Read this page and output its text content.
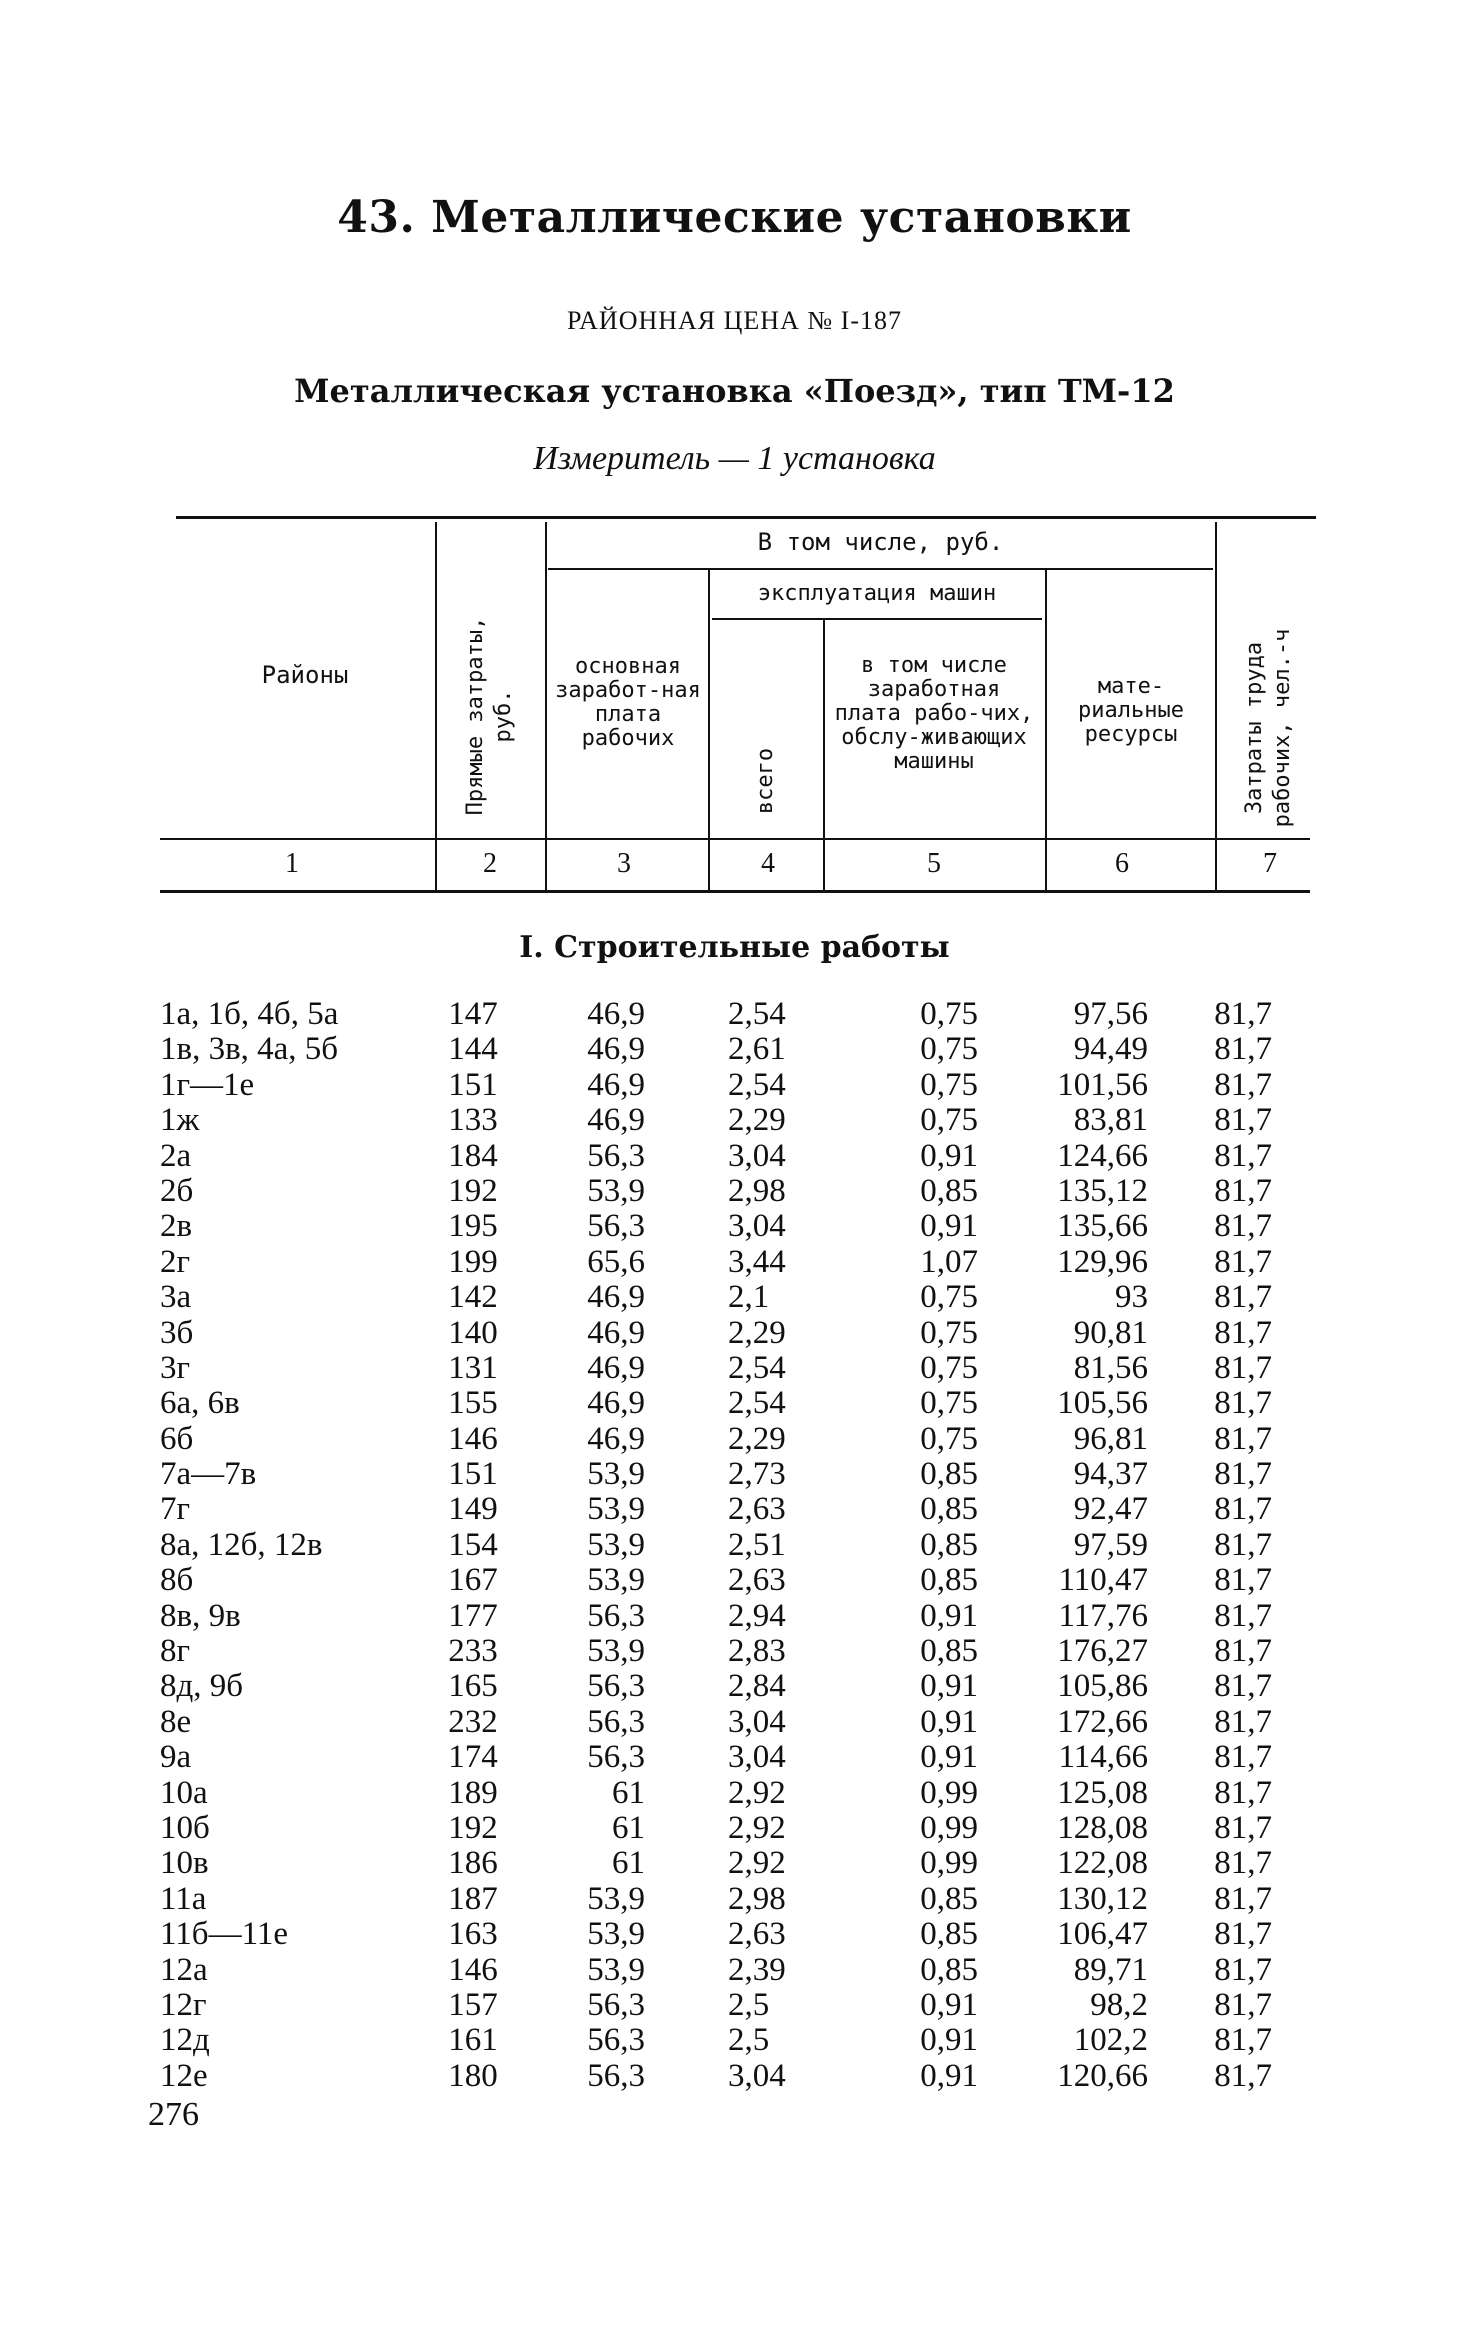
43. Металлические установки
РАЙОННАЯ ЦЕНА № I-187
Металлическая установка «Поезд», тип ТМ-12
Измеритель — 1 установка
Районы	Прямые затраты, руб.
В том числе, руб.
основная заработ-ная плата рабочих
эксплуатация машин
всего
в том числе заработная плата рабо-чих, обслу-живающих машины
мате-риальные ресурсы	Затраты труда рабочих, чел.-ч
1	2	3	4	5	6	7
I. Строительные работы
1а, 1б, 4б, 5а	147	46,9	2,54	0,75	97,56 81,7
1в, 3в, 4а, 5б	144	46,9	2,61	0,75	94,49 81,7
1г—1е	151	46,9	2,54	0,75	101,56 81,7
1ж	133	46,9	2,29	0,75	83,81 81,7
2а	184	56,3	3,04	0,91	124,66 81,7
2б	192	53,9	2,98	0,85	135,12 81,7
2в	195	56,3	3,04	0,91	135,66 81,7
2г	199	65,6	3,44	1,07	129,96 81,7
3а	142	46,9	2,1	0,75	93 81,7
3б	140	46,9	2,29	0,75	90,81 81,7
3г	131	46,9	2,54	0,75	81,56 81,7
6а, 6в	155	46,9	2,54	0,75	105,56 81,7
6б	146	46,9	2,29	0,75	96,81 81,7
7а—7в	151	53,9	2,73	0,85	94,37 81,7
7г	149	53,9	2,63	0,85	92,47 81,7
8а, 12б, 12в	154	53,9	2,51	0,85	97,59 81,7
8б	167	53,9	2,63	0,85	110,47 81,7
8в, 9в	177	56,3	2,94	0,91	117,76 81,7
8г	233	53,9	2,83	0,85	176,27 81,7
8д, 9б	165	56,3	2,84	0,91	105,86 81,7
8е	232	56,3	3,04	0,91	172,66 81,7
9а	174	56,3	3,04	0,91	114,66 81,7
10а	189	61	2,92	0,99	125,08 81,7
10б	192	61	2,92	0,99	128,08 81,7
10в	186	61	2,92	0,99	122,08 81,7
11а	187	53,9	2,98	0,85	130,12 81,7
11б—11е	163	53,9	2,63	0,85	106,47 81,7
12а	146	53,9	2,39	0,85	89,71 81,7
12г	157	56,3	2,5	0,91	98,2 81,7
12д	161	56,3	2,5	0,91	102,2 81,7
12е	180	56,3	3,04	0,91	120,66 81,7
276
